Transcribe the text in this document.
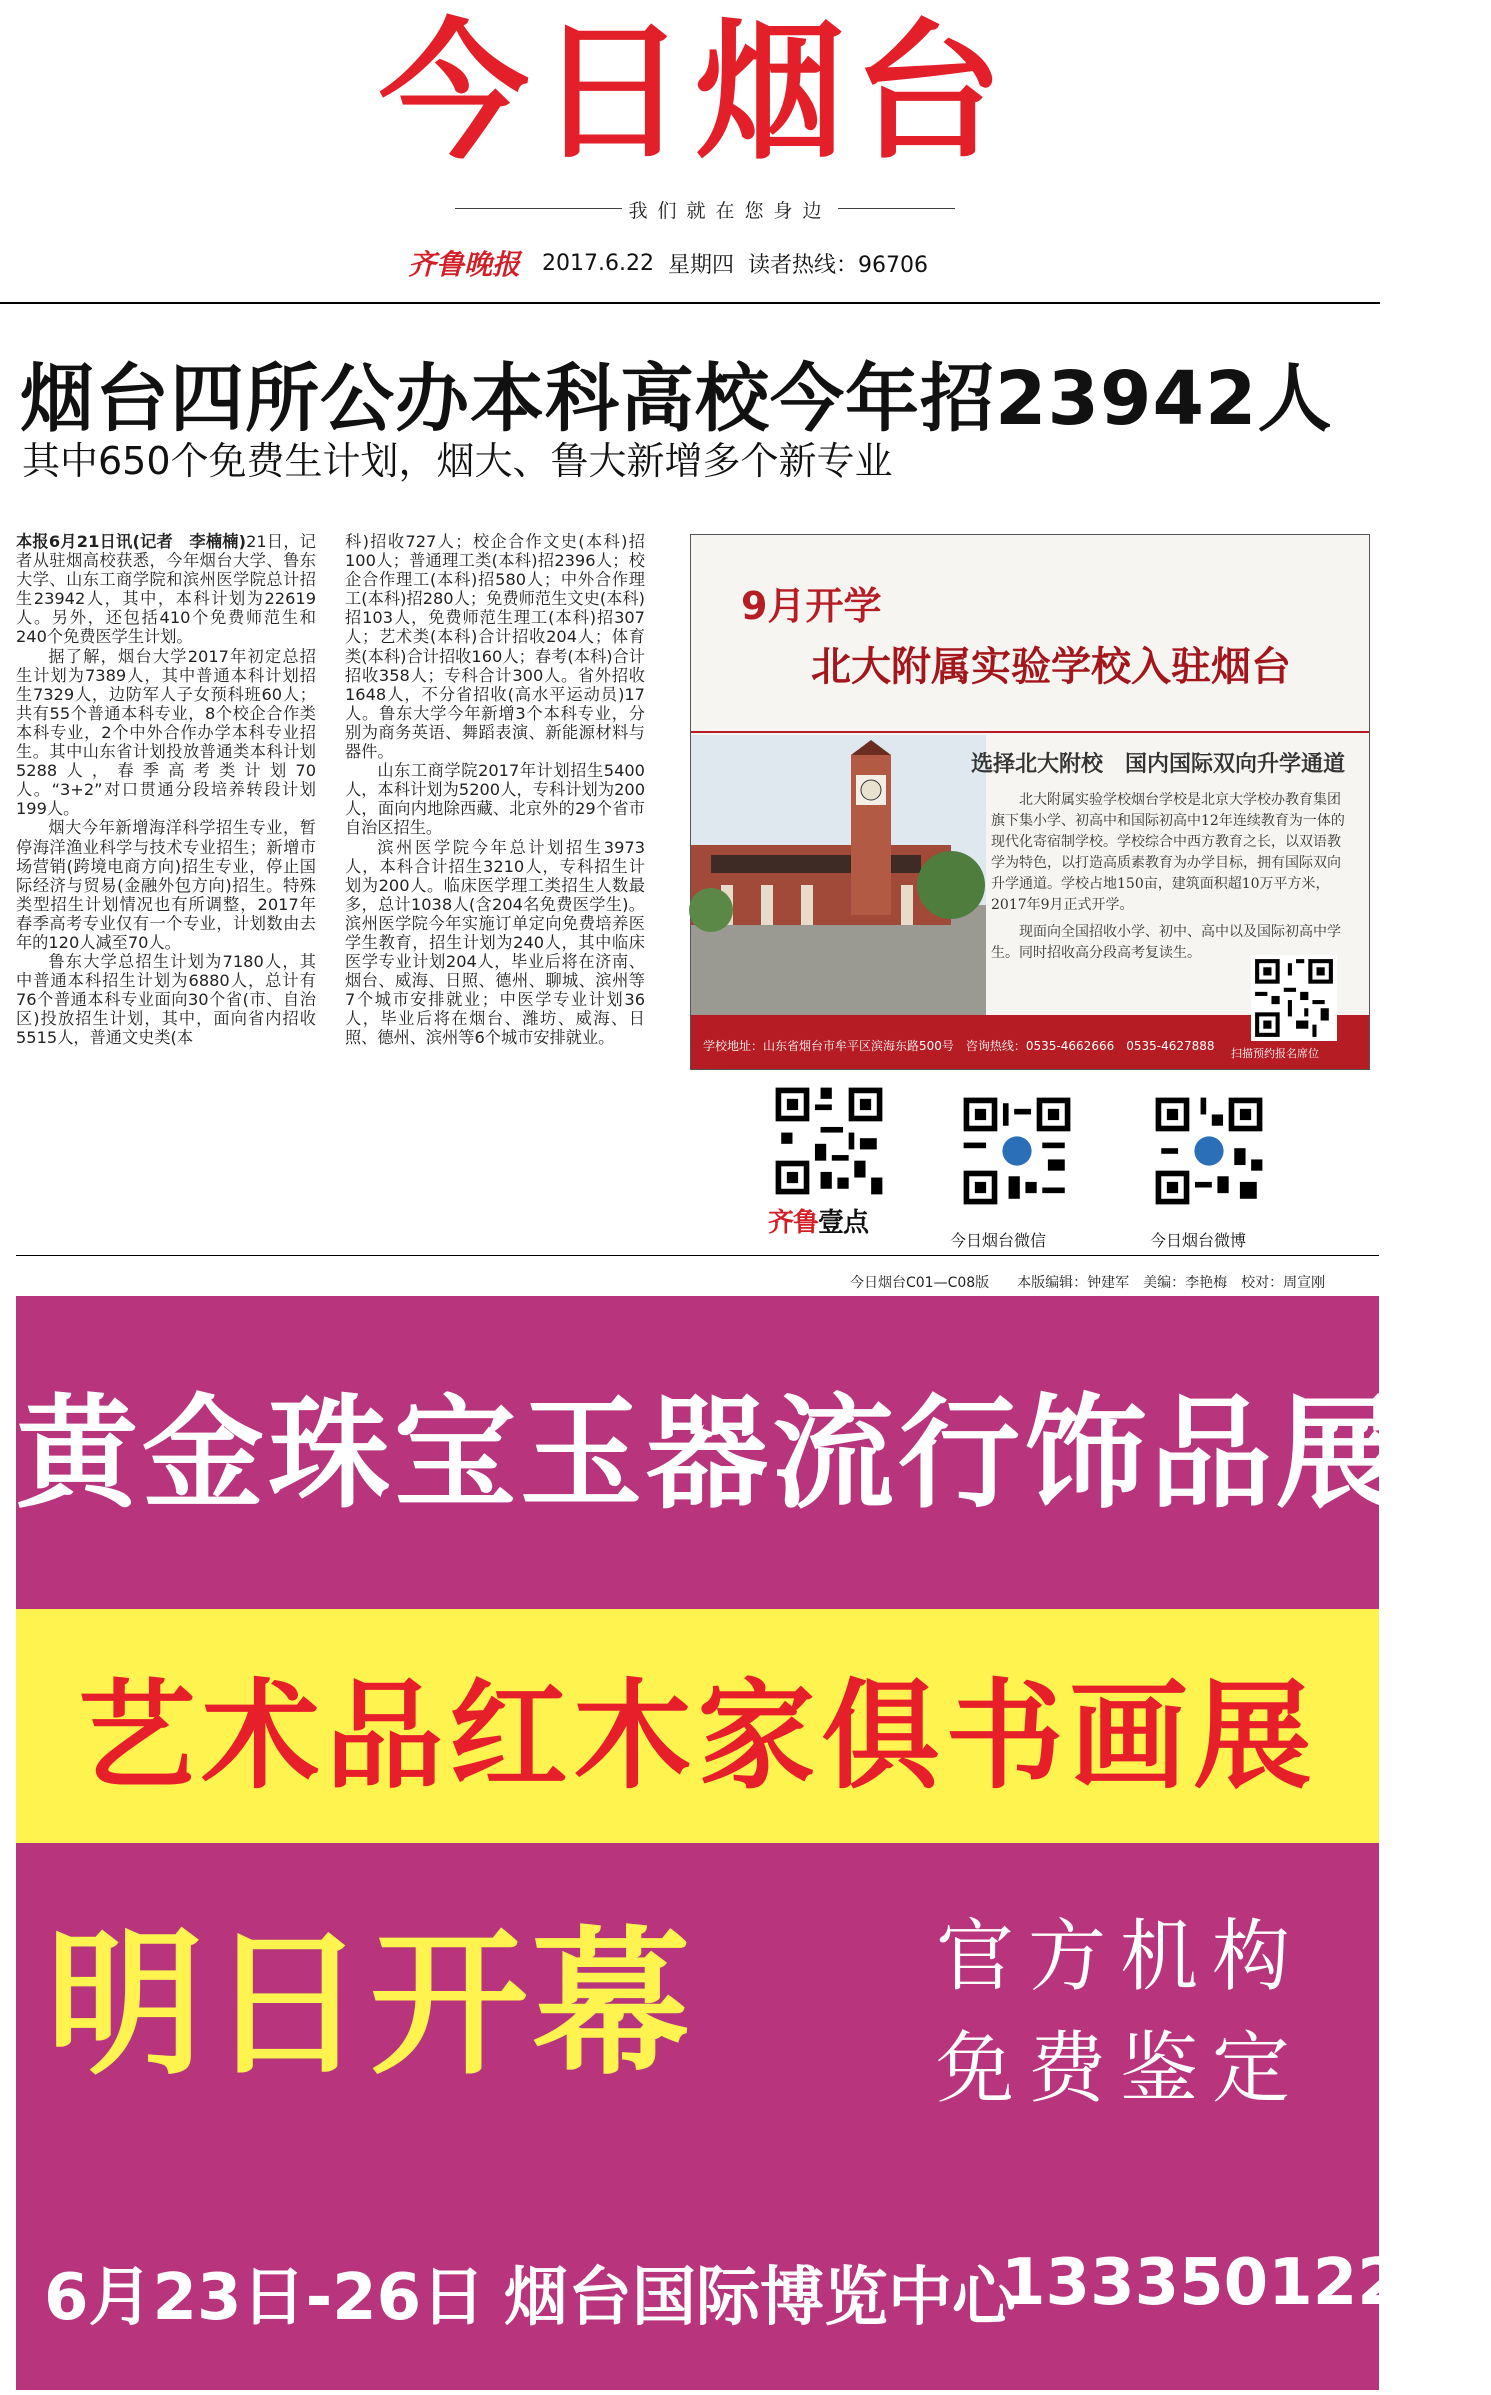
今日烟台
我们就在您身边
齐鲁晚报 2017.6.22 星期四 读者热线：96706
烟台四所公办本科高校今年招23942人
其中650个免费生计划，烟大、鲁大新增多个新专业

本报6月21日讯(记者　李楠楠)21日，记者从驻烟高校获悉，今年烟台大学、鲁东大学、山东工商学院和滨州医学院总计招生23942人，其中，本科计划为22619人。另外，还包括410个免费师范生和240个免费医学生计划。

据了解，烟台大学2017年初定总招生计划为7389人，其中普通本科计划招生7329人，边防军人子女预科班60人；共有55个普通本科专业，8个校企合作类本科专业，2个中外合作办学本科专业招生。其中山东省计划投放普通类本科计划5288人，春季高考类计划70人。“3+2”对口贯通分段培养转段计划199人。

烟大今年新增海洋科学招生专业，暂停海洋渔业科学与技术专业招生；新增市场营销(跨境电商方向)招生专业，停止国际经济与贸易(金融外包方向)招生。特殊类型招生计划情况也有所调整，2017年春季高考专业仅有一个专业，计划数由去年的120人减至70人。

鲁东大学总招生计划为7180人，其中普通本科招生计划为6880人，总计有76个普通本科专业面向30个省(市、自治区)投放招生计划，其中，面向省内招收5515人，普通文史类(本

科)招收727人；校企合作文史(本科)招100人；普通理工类(本科)招2396人；校企合作理工(本科)招580人；中外合作理工(本科)招280人；免费师范生文史(本科)招103人，免费师范生理工(本科)招307人；艺术类(本科)合计招收204人；体育类(本科)合计招收160人；春考(本科)合计招收358人；专科合计300人。省外招收1648人，不分省招收(高水平运动员)17人。鲁东大学今年新增3个本科专业，分别为商务英语、舞蹈表演、新能源材料与器件。

山东工商学院2017年计划招生5400人，本科计划为5200人，专科计划为200人，面向内地除西藏、北京外的29个省市自治区招生。

滨州医学院今年总计划招生3973人，本科合计招生3210人，专科招生计划为200人。临床医学理工类招生人数最多，总计1038人(含204名免费医学生)。滨州医学院今年实施订单定向免费培养医学生教育，招生计划为240人，其中临床医学专业计划204人，毕业后将在济南、烟台、威海、日照、德州、聊城、滨州等7个城市安排就业；中医学专业计划36人，毕业后将在烟台、潍坊、威海、日照、德州、滨州等6个城市安排就业。

9月开学
北大附属实验学校入驻烟台
选择北大附校　国内国际双向升学通道

北大附属实验学校烟台学校是北京大学校办教育集团旗下集小学、初高中和国际初高中12年连续教育为一体的现代化寄宿制学校。学校综合中西方教育之长，以双语教学为特色，以打造高质素教育为办学目标，拥有国际双向升学通道。学校占地150亩，建筑面积超10万平方米，2017年9月正式开学。

现面向全国招收小学、初中、高中以及国际初高中学生。同时招收高分段高考复读生。

学校地址：山东省烟台市牟平区滨海东路500号　咨询热线：0535-4662666　0535-4627888
扫描预约报名席位
齐鲁壹点
今日烟台微信	今日烟台微博
今日烟台C01—C08版　　本版编辑：钟建军　美编：李艳梅　校对：周宣刚
黄金珠宝玉器流行饰品展
艺术品红木家俱书画展
明日开幕	官方机构
免费鉴定
6月23日-26日 烟台国际博览中心
13335012258
